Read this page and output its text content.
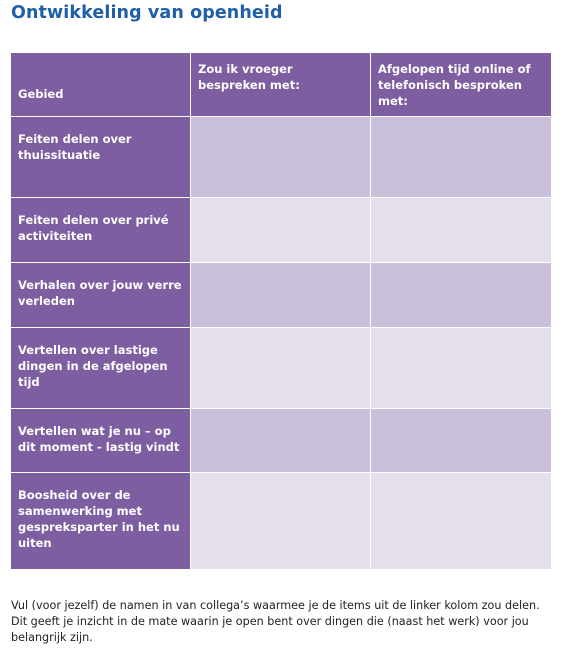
Ontwikkeling van openheid
Gebied	Zou ik vroeger bespreken met:	Afgelopen tijd online of telefonisch besproken met:
Feiten delen over thuissituatie		
Feiten delen over privé activiteiten		
Verhalen over jouw verre verleden		
Vertellen over lastige dingen in de afgelopen tijd		
Vertellen wat je nu – op dit moment - lastig vindt		
Boosheid over de samenwerking met gespreksparter in het nu uiten		

Vul (voor jezelf) de namen in van collega’s waarmee je de items uit de linker kolom zou delen. Dit geeft je inzicht in de mate waarin je open bent over dingen die (naast het werk) voor jou belangrijk zijn.
